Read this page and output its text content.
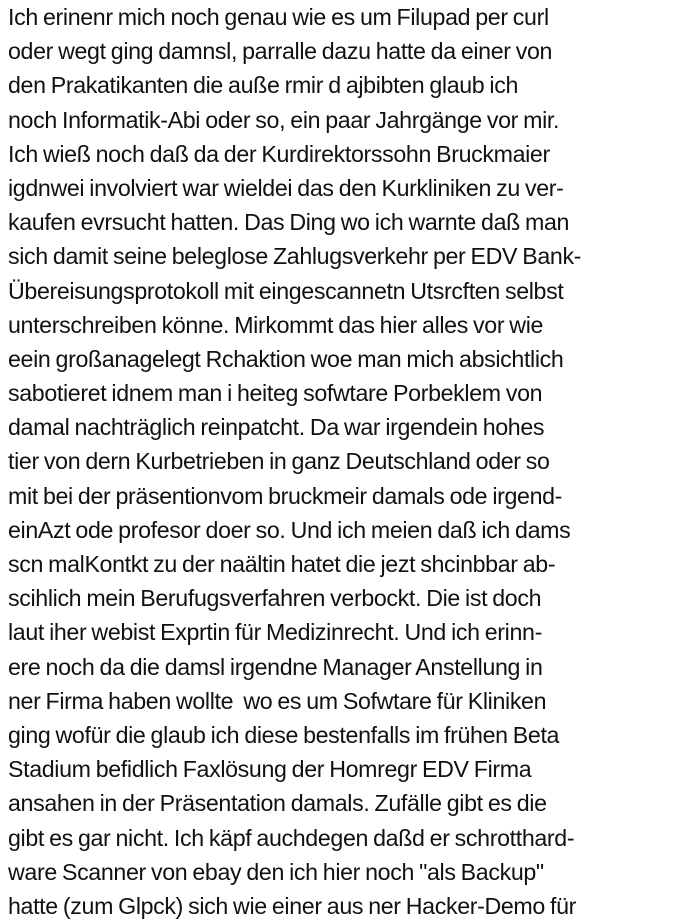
Ich erinenr mich noch genau wie es um Filupad per curl
oder wegt ging damnsl, parralle dazu hatte da einer von
den Prakatikanten die auße rmir d ajbibten glaub ich
noch Informatik-Abi oder so, ein paar Jahrgänge vor mir.
Ich wieß noch daß da der Kurdirektorssohn Bruckmaier
igdnwei involviert war wieldei das den Kurkliniken zu ver-
kaufen evrsucht hatten. Das Ding wo ich warnte daß man
sich damit seine beleglose Zahlugsverkehr per EDV Bank-
Übereisungsprotokoll mit eingescannetn Utsrcften selbst
unterschreiben könne. Mirkommt das hier alles vor wie
eein großanagelegt Rchaktion woe man mich absichtlich
sabotieret idnem man i heiteg sofwtare Porbeklem von
damal nachträglich reinpatcht. Da war irgendein hohes
tier von dern Kurbetrieben in ganz Deutschland oder so
mit bei der präsentionvom bruckmeir damals ode irgend-
einAzt ode profesor doer so. Und ich meien daß ich dams
scn malKontkt zu der naältin hatet die jezt shcinbbar ab-
scihlich mein Berufugsverfahren verbockt. Die ist doch
laut iher webist Exprtin für Medizinrecht. Und ich erinn-
ere noch da die damsl irgendne Manager Anstellung in
ner Firma haben wollte  wo es um Sofwtare für Kliniken
ging wofür die glaub ich diese bestenfalls im frühen Beta
Stadium befidlich Faxlösung der Homregr EDV Firma
ansahen in der Präsentation damals. Zufälle gibt es die
gibt es gar nicht. Ich käpf auchdegen daßd er schrotthard-
ware Scanner von ebay den ich hier noch "als Backup"
hatte (zum Glpck) sich wie einer aus ner Hacker-Demo für
